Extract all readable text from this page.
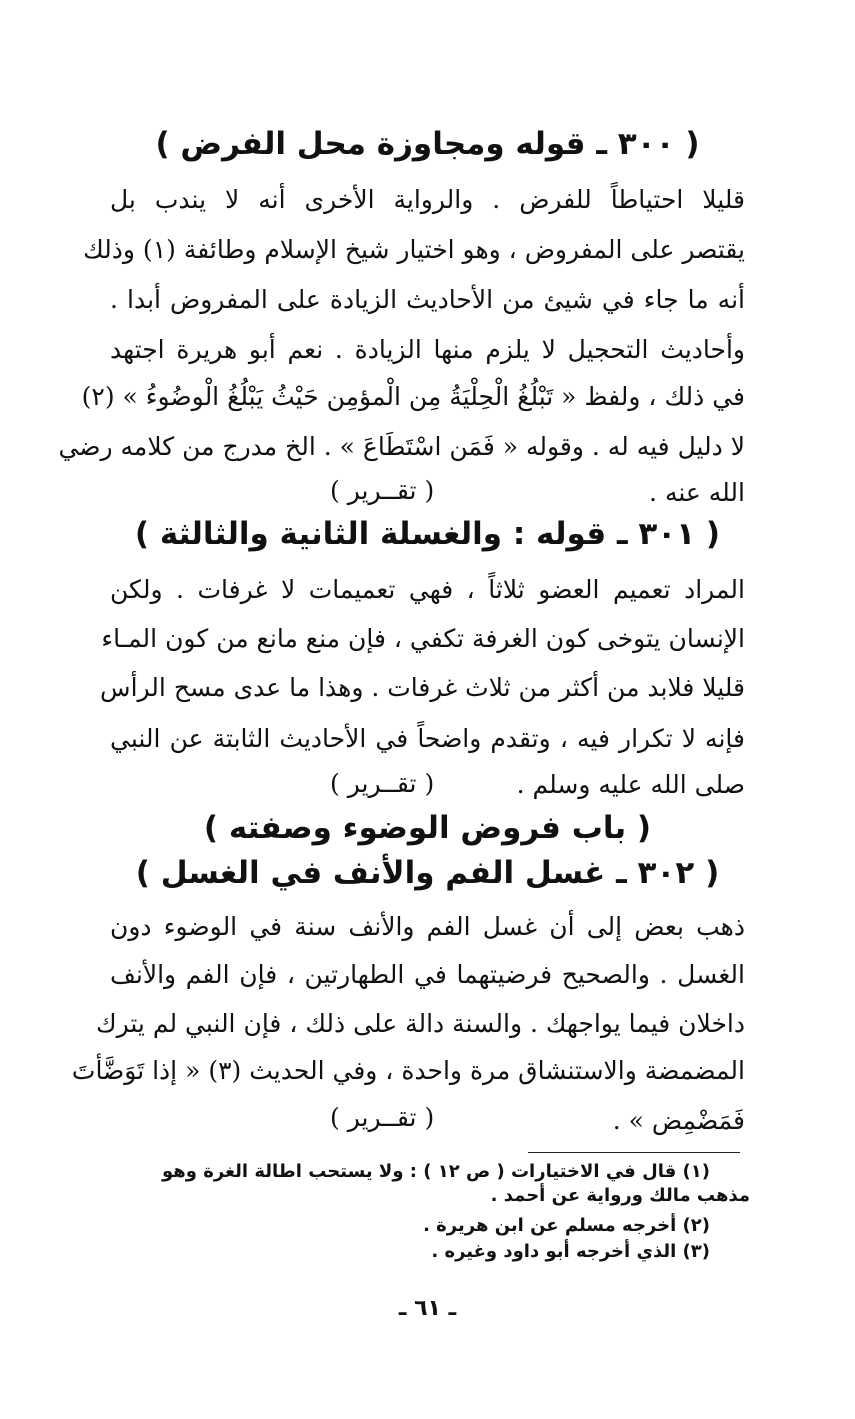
( ٣٠٠ ـ قوله ومجاوزة محل الفرض )
قليلا احتياطاً للفرض . والرواية الأخرى أنه لا يندب بل
يقتصر على المفروض ، وهو اختيار شيخ الإسلام وطائفة (١) وذلك
أنه ما جاء في شيئ من الأحاديث الزيادة على المفروض أبدا .
وأحاديث التحجيل لا يلزم منها الزيادة . نعم أبو هريرة اجتهد
في ذلك ، ولفظ « تَبْلُغُ الْحِلْيَةُ مِن الْمؤمِن حَيْثُ يَبْلُغُ الْوضُوءُ » (٢)
لا دليل فيه له . وقوله « فَمَن اسْتَطَاعَ » . الخ مدرج من كلامه رضي
الله عنه .
( تقــرير )
( ٣٠١ ـ قوله : والغسلة الثانية والثالثة )
المراد تعميم العضو ثلاثاً ، فهي تعميمات لا غرفات . ولكن
الإنسان يتوخى كون الغرفة تكفي ، فإن منع مانع من كون المـاء
قليلا فلابد من أكثر من ثلاث غرفات . وهذا ما عدى مسح الرأس
فإنه لا تكرار فيه ، وتقدم واضحاً في الأحاديث الثابتة عن النبي
صلى الله عليه وسلم .
( تقــرير )
( باب فروض الوضوء وصفته )
( ٣٠٢ ـ غسل الفم والأنف في الغسل )
ذهب بعض إلى أن غسل الفم والأنف سنة في الوضوء دون
الغسل . والصحيح فرضيتهما في الطهارتين ، فإن الفم والأنف
داخلان فيما يواجهك . والسنة دالة على ذلك ، فإن النبي لم يترك
المضمضة والاستنشاق مرة واحدة ، وفي الحديث (٣) « إذا تَوَضَّأتَ
فَمَضْمِض » .
( تقــرير )
(١) قال في الاختيارات ( ص ١٢ ) : ولا يستحب اطالة الغرة وهو
مذهب مالك ورواية عن أحمد .
(٢) أخرجه مسلم عن ابن هريرة .
(٣) الذي أخرجه أبو داود وغيره .
ـ ٦١ ـ
